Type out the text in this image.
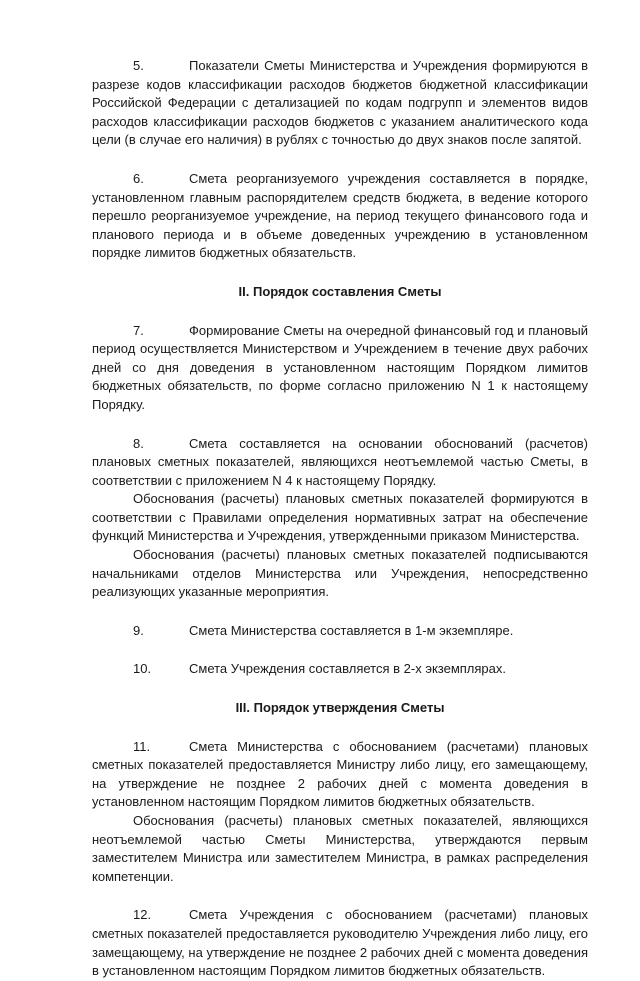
5.	Показатели Сметы Министерства и Учреждения формируются в разрезе кодов классификации расходов бюджетов бюджетной классификации Российской Федерации с детализацией по кодам подгрупп и элементов видов расходов классификации расходов бюджетов с указанием аналитического кода цели (в случае его наличия) в рублях с точностью до двух знаков после запятой.

6.	Смета реорганизуемого учреждения составляется в порядке, установленном главным распорядителем средств бюджета, в ведение которого перешло реорганизуемое учреждение, на период текущего финансового года и планового периода и в объеме доведенных учреждению в установленном порядке лимитов бюджетных обязательств.

II. Порядок составления Сметы

7.	Формирование Сметы на очередной финансовый год и плановый период осуществляется Министерством и Учреждением в течение двух рабочих дней со дня доведения в установленном настоящим Порядком лимитов бюджетных обязательств, по форме согласно приложению N 1 к настоящему Порядку.

8.	Смета составляется на основании обоснований (расчетов) плановых сметных показателей, являющихся неотъемлемой частью Сметы, в соответствии с приложением N 4 к настоящему Порядку.

Обоснования (расчеты) плановых сметных показателей формируются в соответствии с Правилами определения нормативных затрат на обеспечение функций Министерства и Учреждения, утвержденными приказом Министерства.

Обоснования (расчеты) плановых сметных показателей подписываются начальниками отделов Министерства или Учреждения, непосредственно реализующих указанные мероприятия.

9.	Смета Министерства составляется в 1-м экземпляре.

10.	Смета Учреждения составляется в 2-х экземплярах.

III. Порядок утверждения Сметы

11.	Смета Министерства с обоснованием (расчетами) плановых сметных показателей предоставляется Министру либо лицу, его замещающему, на утверждение не позднее 2 рабочих дней с момента доведения в установленном настоящим Порядком лимитов бюджетных обязательств.

Обоснования (расчеты) плановых сметных показателей, являющихся неотъемлемой частью Сметы Министерства, утверждаются первым заместителем Министра или заместителем Министра, в рамках распределения компетенции.

12.	Смета Учреждения с обоснованием (расчетами) плановых сметных показателей предоставляется руководителю Учреждения либо лицу, его замещающему, на утверждение не позднее 2 рабочих дней с момента доведения в установленном настоящим Порядком лимитов бюджетных обязательств.
